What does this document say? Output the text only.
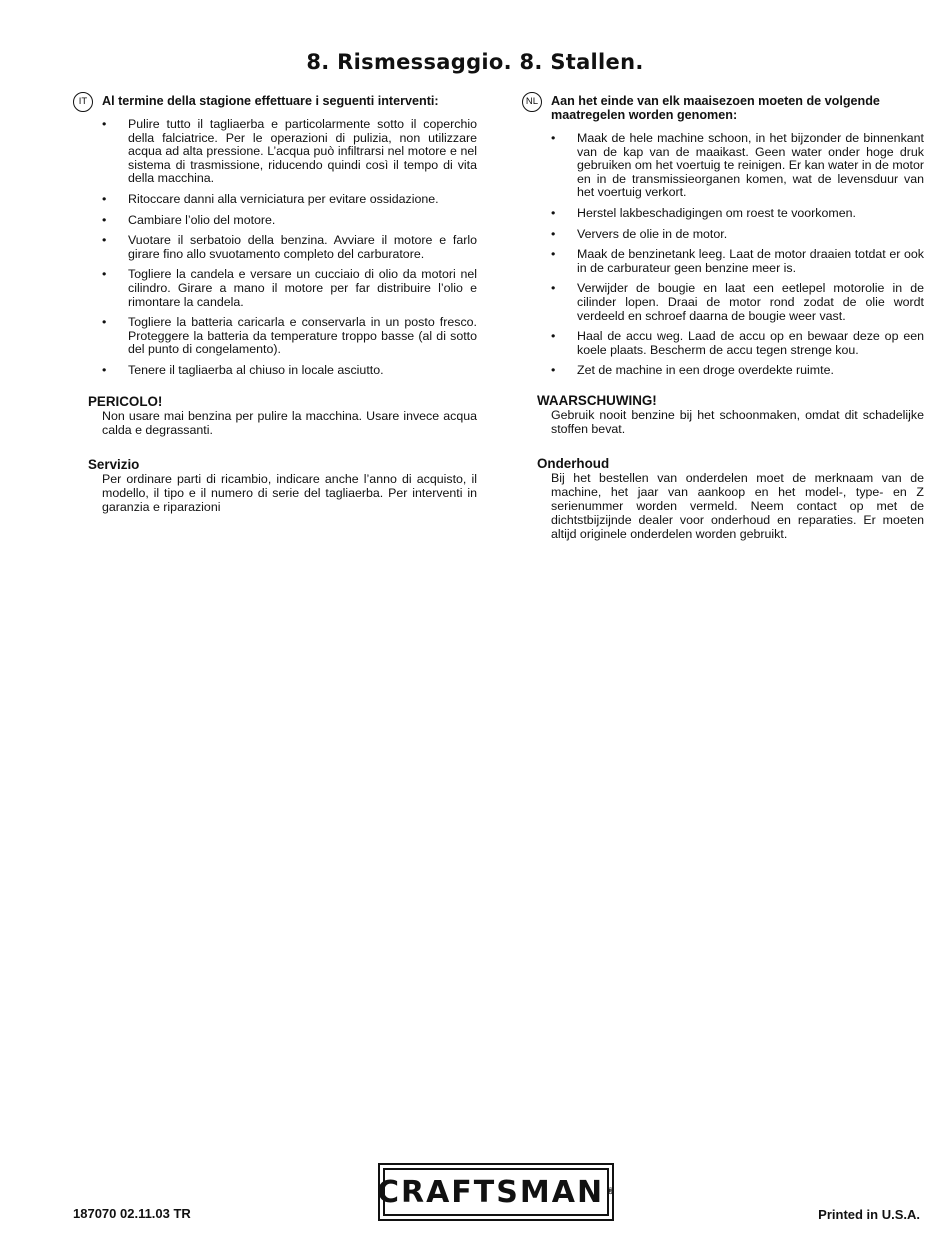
8. Rismessaggio. 8. Stallen.
IT	Al termine della stagione effettuare i seguenti interventi:
• Pulire tutto il tagliaerba e particolarmente sotto il coperchio della falciatrice. Per le operazioni di pulizia, non utilizzare acqua ad alta pressione. L’acqua può infiltrarsi nel motore e nel sistema di trasmissione, riducendo quindi così il tempo di vita della macchina.
• Ritoccare danni alla verniciatura per evitare ossidazione.
• Cambiare l’olio del motore.
• Vuotare il serbatoio della benzina. Avviare il motore e farlo girare fino allo svuotamento completo del carburatore.
• Togliere la candela e versare un cucciaio di olio da motori nel cilindro. Girare a mano il motore per far distribuire l’olio e rimontare la candela.
• Togliere la batteria caricarla e conservarla in un posto fresco. Proteggere la batteria da temperature troppo basse (al di sotto del punto di congelamento).
• Tenere il tagliaerba al chiuso in locale asciutto.
PERICOLO!
Non usare mai benzina per pulire la macchina. Usare invece acqua calda e degrassanti.
Servizio
Per ordinare parti di ricambio, indicare anche l’anno di acquisto, il modello, il tipo e il numero di serie del tagliaerba. Per interventi in garanzia e riparazioni
NL	Aan het einde van elk maaisezoen moeten de volgende maatregelen worden genomen:
• Maak de hele machine schoon, in het bijzonder de binnenkant van de kap van de maaikast. Geen water onder hoge druk gebruiken om het voertuig te reinigen. Er kan water in de motor en in de transmissieorganen komen, wat de levensduur van het voertuig verkort.
• Herstel lakbeschadigingen om roest te voorkomen.
• Ververs de olie in de motor.
• Maak de benzinetank leeg. Laat de motor draaien totdat er ook in de carburateur geen benzine meer is.
• Verwijder de bougie en laat een eetlepel motorolie in de cilinder lopen. Draai de motor rond zodat de olie wordt verdeeld en schroef daarna de bougie weer vast.
• Haal de accu weg. Laad de accu op en bewaar deze op een koele plaats. Bescherm de accu tegen strenge kou.
• Zet de machine in een droge overdekte ruimte.
WAARSCHUWING!
Gebruik nooit benzine bij het schoonmaken, omdat dit schadelijke stoffen bevat.
Onderhoud
Bij het bestellen van onderdelen moet de merknaam van de machine, het jaar van aankoop en het model-, type- en Z serienummer worden vermeld. Neem contact op met de dichtstbijzijnde dealer voor onderhoud en reparaties. Er moeten altijd originele onderdelen worden gebruikt.
187070 02.11.03 TR
CRAFTSMAN ®
Printed in U.S.A.
